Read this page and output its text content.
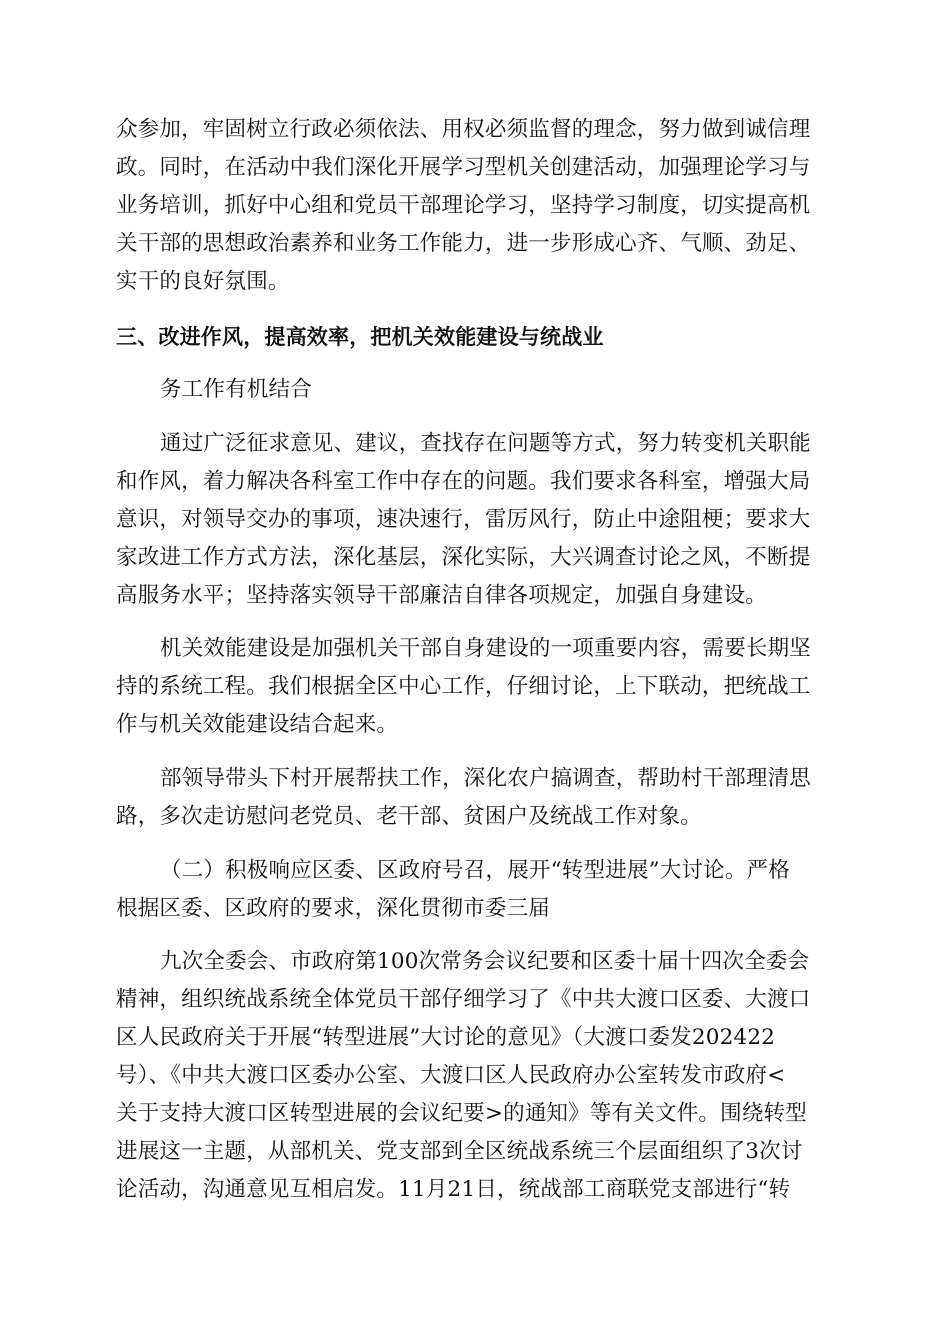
众参加，牢固树立行政必须依法、用权必须监督的理念，努力做到诚信理
政。同时，在活动中我们深化开展学习型机关创建活动，加强理论学习与
业务培训，抓好中心组和党员干部理论学习，坚持学习制度，切实提高机
关干部的思想政治素养和业务工作能力，进一步形成心齐、气顺、劲足、
实干的良好氛围。
三、改进作风，提高效率，把机关效能建设与统战业
务工作有机结合
通过广泛征求意见、建议，查找存在问题等方式，努力转变机关职能
和作风，着力解决各科室工作中存在的问题。我们要求各科室，增强大局
意识，对领导交办的事项，速决速行，雷厉风行，防止中途阻梗；要求大
家改进工作方式方法，深化基层，深化实际，大兴调查讨论之风，不断提
高服务水平；坚持落实领导干部廉洁自律各项规定，加强自身建设。
机关效能建设是加强机关干部自身建设的一项重要内容，需要长期坚
持的系统工程。我们根据全区中心工作，仔细讨论，上下联动，把统战工
作与机关效能建设结合起来。
部领导带头下村开展帮扶工作，深化农户搞调查，帮助村干部理清思
路，多次走访慰问老党员、老干部、贫困户及统战工作对象。
（二）积极响应区委、区政府号召，展开“转型进展”大讨论。严格
根据区委、区政府的要求，深化贯彻市委三届
九次全委会、市政府第100次常务会议纪要和区委十届十四次全委会
精神，组织统战系统全体党员干部仔细学习了《中共大渡口区委、大渡口
区人民政府关于开展“转型进展”大讨论的意见》（大渡口委发202422
号）、《中共大渡口区委办公室、大渡口区人民政府办公室转发市政府<
关于支持大渡口区转型进展的会议纪要>的通知》等有关文件。围绕转型
进展这一主题，从部机关、党支部到全区统战系统三个层面组织了3次讨
论活动，沟通意见互相启发。11月21日，统战部工商联党支部进行“转
